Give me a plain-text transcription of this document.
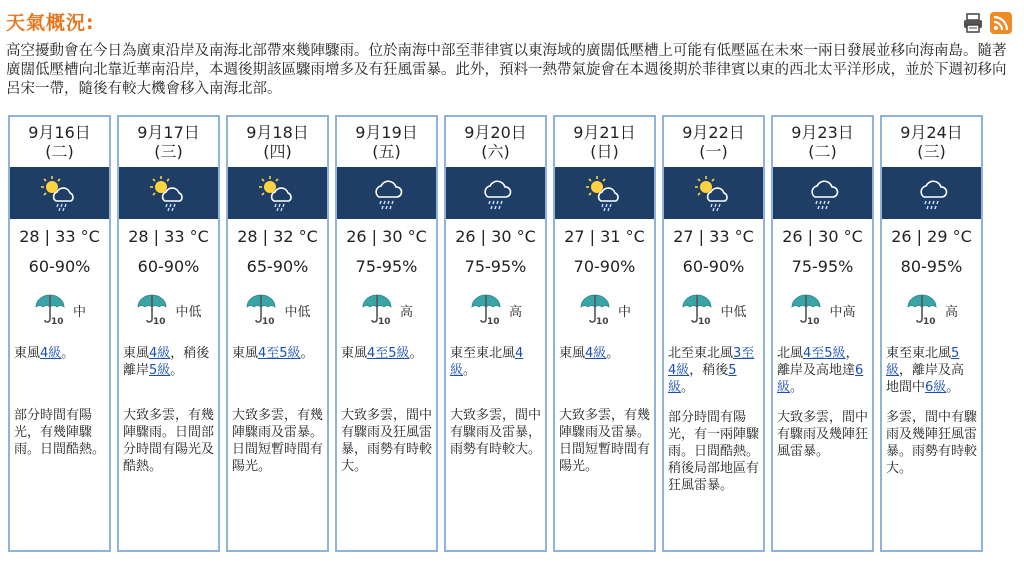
天氣概況:
高空擾動會在今日為廣東沿岸及南海北部帶來幾陣驟雨。位於南海中部至菲律賓以東海域的廣闊低壓槽上可能有低壓區在未來一兩日發展並移向海南島。隨著廣闊低壓槽向北靠近華南沿岸，本週後期該區驟雨增多及有狂風雷暴。此外，預料一熱帶氣旋會在本週後期於菲律賓以東的西北太平洋形成，並於下週初移向呂宋一帶，隨後有較大機會移入南海北部。
9月16日
(二)
28 | 33 °C
60-90%
中
東風4級。
部分時間有陽光，有幾陣驟雨。日間酷熱。
9月17日
(三)
28 | 33 °C
60-90%
中低
東風4級，稍後離岸5級。
大致多雲，有幾陣驟雨。日間部分時間有陽光及酷熱。
9月18日
(四)
28 | 32 °C
65-90%
中低
東風4至5級。
大致多雲，有幾陣驟雨及雷暴。日間短暫時間有陽光。
9月19日
(五)
26 | 30 °C
75-95%
高
東風4至5級。
大致多雲，間中有驟雨及狂風雷暴，雨勢有時較大。
9月20日
(六)
26 | 30 °C
75-95%
高
東至東北風4級。
大致多雲，間中有驟雨及雷暴，雨勢有時較大。
9月21日
(日)
27 | 31 °C
70-90%
中
東風4級。
大致多雲，有幾陣驟雨及雷暴。日間短暫時間有陽光。
9月22日
(一)
27 | 33 °C
60-90%
中低
北至東北風3至4級，稍後5級。
部分時間有陽光，有一兩陣驟雨。日間酷熱。稍後局部地區有狂風雷暴。
9月23日
(二)
26 | 30 °C
75-95%
中高
北風4至5級，離岸及高地達6級。
大致多雲，間中有驟雨及幾陣狂風雷暴。
9月24日
(三)
26 | 29 °C
80-95%
高
東至東北風5級，離岸及高地間中6級。
多雲，間中有驟雨及幾陣狂風雷暴。雨勢有時較大。
